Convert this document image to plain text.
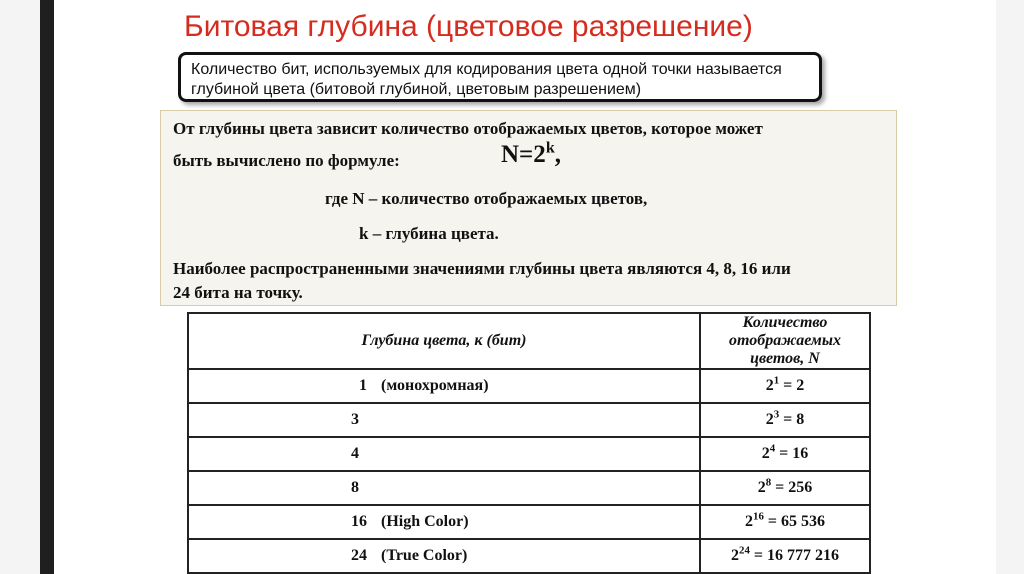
Битовая глубина (цветовое разрешение)
Количество бит, используемых для кодирования цвета одной точки называется
глубиной цвета (битовой глубиной, цветовым разрешением)
От глубины цвета зависит количество отображаемых цветов, которое может
быть вычислено по формуле:	$N=2^k$,
где N – количество отображаемых цветов,
k – глубина цвета.
Наиболее распространенными значениями глубины цвета являются 4, 8, 16 или
24 бита на точку.
Глубина цвета, к (бит)	Количество отображаемых цветов, N
1 (монохромная)	$2^1 = 2$
3	$2^3 = 8$
4	$2^4 = 16$
8	$2^8 = 256$
16 (High Color)	$2^{16} = 65$ 536
24 (True Color)	$2^{24} = 16$ 777 216
